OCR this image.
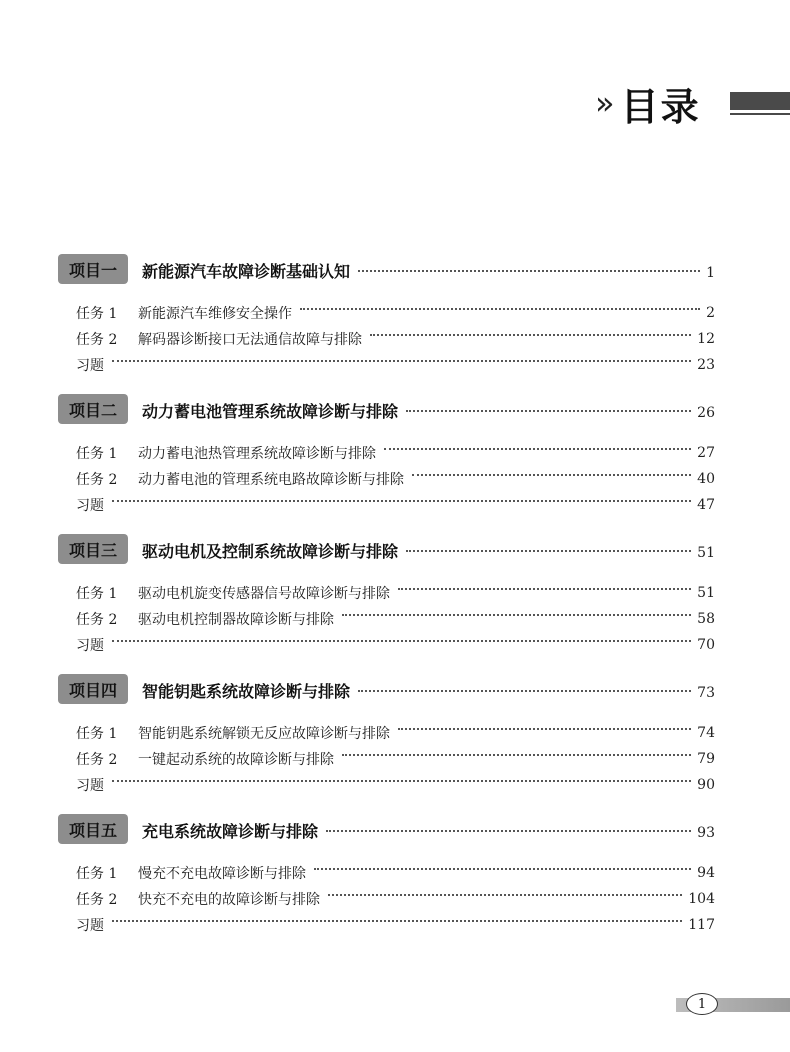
» 目录
项目一 新能源汽车故障诊断基础认知	1
任务 1	新能源汽车维修安全操作	2
任务 2	解码器诊断接口无法通信故障与排除	12
习题	23
项目二 动力蓄电池管理系统故障诊断与排除	26
任务 1	动力蓄电池热管理系统故障诊断与排除	27
任务 2	动力蓄电池的管理系统电路故障诊断与排除	40
习题	47
项目三 驱动电机及控制系统故障诊断与排除	51
任务 1	驱动电机旋变传感器信号故障诊断与排除	51
任务 2	驱动电机控制器故障诊断与排除	58
习题	70
项目四 智能钥匙系统故障诊断与排除	73
任务 1	智能钥匙系统解锁无反应故障诊断与排除	74
任务 2	一键起动系统的故障诊断与排除	79
习题	90
项目五 充电系统故障诊断与排除	93
任务 1	慢充不充电故障诊断与排除	94
任务 2	快充不充电的故障诊断与排除	104
习题	117
1
